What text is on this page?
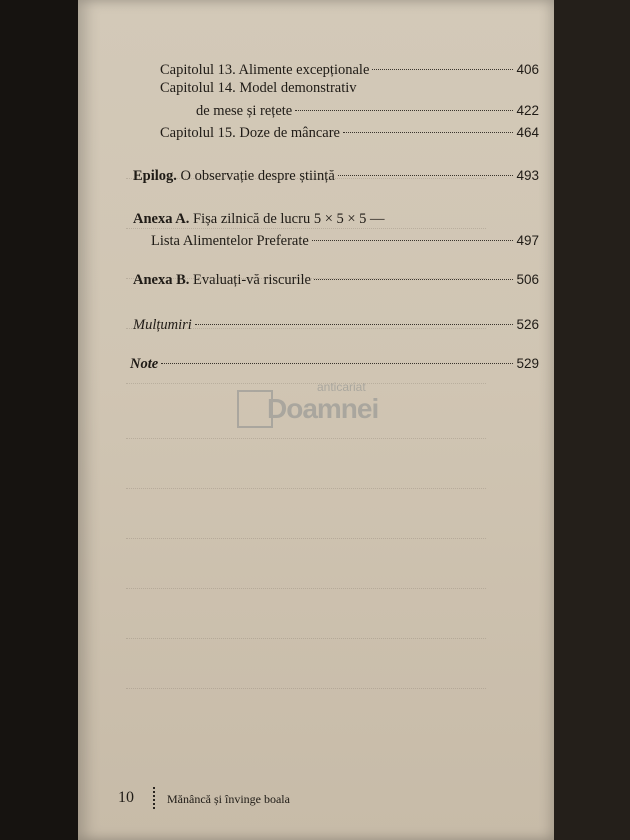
Capitolul 13. Alimente excepționale	406
Capitolul 14. Model demonstrativ
de mese și rețete	422
Capitolul 15. Doze de mâncare	464
Epilog. O observație despre știință	493
Anexa A. Fișa zilnică de lucru 5 × 5 × 5 —
Lista Alimentelor Preferate	497
Anexa B. Evaluați-vă riscurile	506
Mulțumiri	526
Note	529
anticariat
Doamnei
10	Mănâncă și învinge boala
